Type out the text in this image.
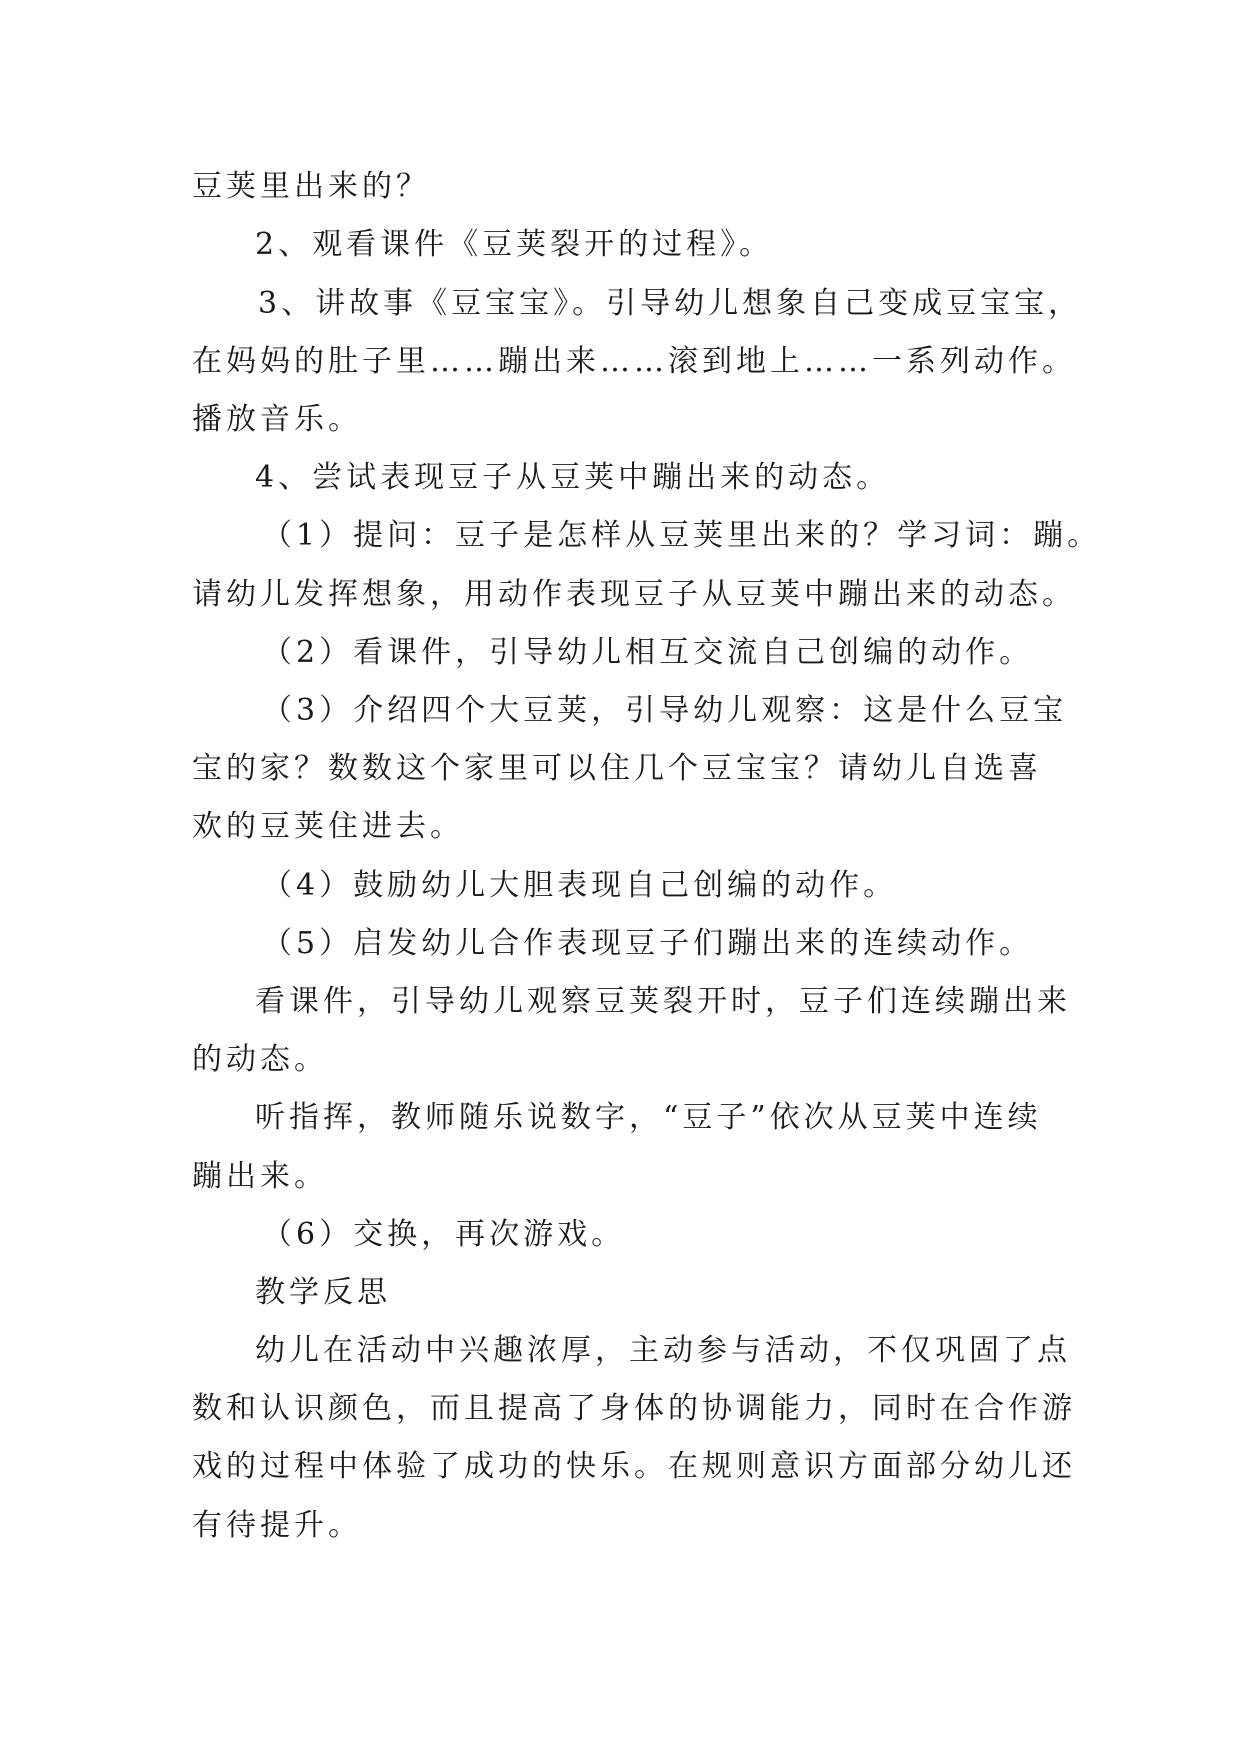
豆荚里出来的？
2、观看课件《豆荚裂开的过程》。
3、讲故事《豆宝宝》。引导幼儿想象自己变成豆宝宝，
在妈妈的肚子里……蹦出来……滚到地上……一系列动作。
播放音乐。
4、尝试表现豆子从豆荚中蹦出来的动态。
（1）提问：豆子是怎样从豆荚里出来的？学习词：蹦。
请幼儿发挥想象，用动作表现豆子从豆荚中蹦出来的动态。
（2）看课件，引导幼儿相互交流自己创编的动作。
（3）介绍四个大豆荚，引导幼儿观察：这是什么豆宝
宝的家？数数这个家里可以住几个豆宝宝？请幼儿自选喜
欢的豆荚住进去。
（4）鼓励幼儿大胆表现自己创编的动作。
（5）启发幼儿合作表现豆子们蹦出来的连续动作。
看课件，引导幼儿观察豆荚裂开时，豆子们连续蹦出来
的动态。
听指挥，教师随乐说数字，“豆子”依次从豆荚中连续
蹦出来。
（6）交换，再次游戏。
教学反思
幼儿在活动中兴趣浓厚，主动参与活动，不仅巩固了点
数和认识颜色，而且提高了身体的协调能力，同时在合作游
戏的过程中体验了成功的快乐。在规则意识方面部分幼儿还
有待提升。
